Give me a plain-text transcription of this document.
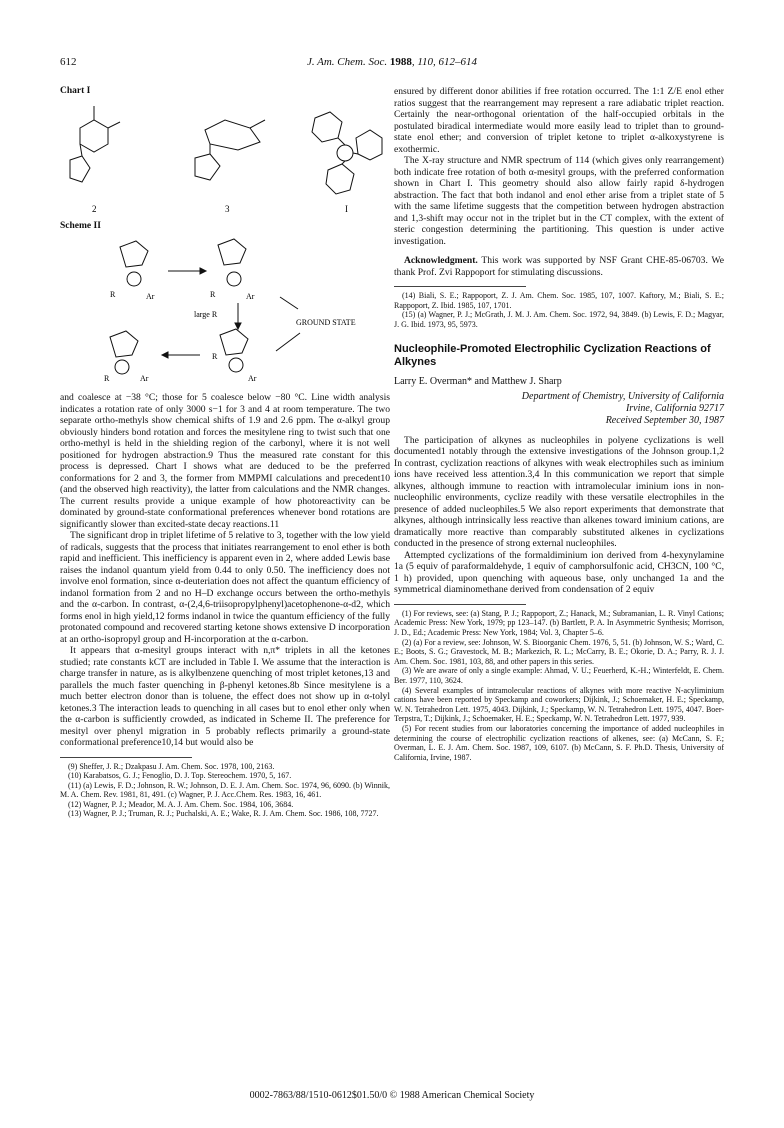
612	J. Am. Chem. Soc. 1988, 110, 612–614
Chart I
2	3	I
Scheme II
R	Ar	R	Ar
large R
GROUND STATE
R	Ar
R
Ar

and coalesce at −38 °C; those for 5 coalesce below −80 °C. Line width analysis indicates a rotation rate of only 3000 s−1 for 3 and 4 at room temperature. The two separate ortho-methyls show chemical shifts of 1.9 and 2.6 ppm. The α-alkyl group obviously hinders bond rotation and forces the mesitylene ring to twist such that one ortho-methyl is held in the shielding region of the carbonyl, where it is not well positioned for hydrogen abstraction.9 Thus the measured rate constant for this process is depressed. Chart I shows what are deduced to be the preferred conformations for 2 and 3, the former from MMPMI calculations and precedent10 (and the observed high reactivity), the latter from calculations and the NMR changes. The current results provide a unique example of how photoreactivity can be dominated by ground-state conformational preferences whenever bond rotations are significantly slower than excited-state decay reactions.11

The significant drop in triplet lifetime of 5 relative to 3, together with the low yield of radicals, suggests that the process that initiates rearrangement to enol ether is both rapid and inefficient. This inefficiency is apparent even in 2, where added Lewis base raises the indanol quantum yield from 0.44 to only 0.50. The inefficiency does not involve enol formation, since α-deuteriation does not affect the quantum efficiency of indanol formation from 2 and no H–D exchange occurs between the ortho-methyls and the α-carbon. In contrast, α-(2,4,6-triisopropylphenyl)acetophenone-α-d2, which forms enol in high yield,12 forms indanol in twice the quantum efficiency of the fully protonated compound and recovered starting ketone shows extensive D incorporation at an ortho-isopropyl group and H-incorporation at the α-carbon.

It appears that α-mesityl groups interact with n,π* triplets in all the ketones studied; rate constants kCT are included in Table I. We assume that the interaction is charge transfer in nature, as is alkylbenzene quenching of most triplet ketones,13 and parallels the much faster quenching in β-phenyl ketones.8b Since mesitylene is a much better electron donor than is toluene, the effect does not show up in α-tolyl ketones.3 The interaction leads to quenching in all cases but to enol ether only when the α-carbon is sufficiently crowded, as indicated in Scheme II. The preference for mesityl over phenyl migration in 5 probably reflects primarily a ground-state conformational preference10,14 but would also be

(9) Sheffer, J. R.; Dzakpasu J. Am. Chem. Soc. 1978, 100, 2163.

(10) Karabatsos, G. J.; Fenoglio, D. J. Top. Stereochem. 1970, 5, 167.

(11) (a) Lewis, F. D.; Johnson, R. W.; Johnson, D. E. J. Am. Chem. Soc. 1974, 96, 6090. (b) Winnik, M. A. Chem. Rev. 1981, 81, 491. (c) Wagner, P. J. Acc.Chem. Res. 1983, 16, 461.

(12) Wagner, P. J.; Meador, M. A. J. Am. Chem. Soc. 1984, 106, 3684.

(13) Wagner, P. J.; Truman, R. J.; Puchalski, A. E.; Wake, R. J. Am. Chem. Soc. 1986, 108, 7727.

ensured by different donor abilities if free rotation occurred. The 1:1 Z/E enol ether ratios suggest that the rearrangement may represent a rare adiabatic triplet reaction. Certainly the near-orthogonal orientation of the half-occupied orbitals in the postulated biradical intermediate would more easily lead to triplet than to ground-state enol ether; and conversion of triplet ketone to triplet α-alkoxystyrene is exothermic.

The X-ray structure and NMR spectrum of 114 (which gives only rearrangement) both indicate free rotation of both α-mesityl groups, with the preferred conformation shown in Chart I. This geometry should also allow fairly rapid δ-hydrogen abstraction. The fact that both indanol and enol ether arise from a triplet state of 5 with the same lifetime suggests that the competition between hydrogen abstraction and 1,3-shift may occur not in the triplet but in the CT complex, with the extent of steric congestion determining the partitioning. This question is under active investigation.

Acknowledgment. This work was supported by NSF Grant CHE-85-06703. We thank Prof. Zvi Rappoport for stimulating discussions.

(14) Biali, S. E.; Rappoport, Z. J. Am. Chem. Soc. 1985, 107, 1007. Kaftory, M.; Biali, S. E.; Rappoport, Z. Ibid. 1985, 107, 1701.

(15) (a) Wagner, P. J.; McGrath, J. M. J. Am. Chem. Soc. 1972, 94, 3849. (b) Lewis, F. D.; Magyar, J. G. Ibid. 1973, 95, 5973.

Nucleophile-Promoted Electrophilic Cyclization Reactions of Alkynes
Larry E. Overman* and Matthew J. Sharp
Department of Chemistry, University of California
Irvine, California 92717
Received September 30, 1987

The participation of alkynes as nucleophiles in polyene cyclizations is well documented1 notably through the extensive investigations of the Johnson group.1,2 In contrast, cyclization reactions of alkynes with weak electrophiles such as iminium ions have received less attention.3,4 In this communication we report that simple alkynes, although immune to reaction with intramolecular iminium ions in non-nucleophilic environments, cyclize readily with these versatile electrophiles in the presence of added nucleophiles.5 We also report experiments that demonstrate that alkynes, although intrinsically less reactive than alkenes toward iminium cations, are dramatically more reactive than comparably substituted alkenes in cyclizations conducted in the presence of strong external nucleophiles.

Attempted cyclizations of the formaldiminium ion derived from 4-hexynylamine 1a (5 equiv of paraformaldehyde, 1 equiv of camphorsulfonic acid, CH3CN, 100 °C, 1 h) provided, upon quenching with aqueous base, only unchanged 1a and the symmetrical diaminomethane derived from condensation of 2 equiv

(1) For reviews, see: (a) Stang, P. J.; Rappoport, Z.; Hanack, M.; Subramanian, L. R. Vinyl Cations; Academic Press: New York, 1979; pp 123–147. (b) Bartlett, P. A. In Asymmetric Synthesis; Morrison, J. D., Ed.; Academic Press: New York, 1984; Vol. 3, Chapter 5–6.

(2) (a) For a review, see: Johnson, W. S. Bioorganic Chem. 1976, 5, 51. (b) Johnson, W. S.; Ward, C. E.; Boots, S. G.; Gravestock, M. B.; Markezich, R. L.; McCarry, B. E.; Okorie, D. A.; Parry, R. J. J. Am. Chem. Soc. 1981, 103, 88, and other papers in this series.

(3) We are aware of only a single example: Ahmad, V. U.; Feuerherd, K.-H.; Winterfeldt, E. Chem. Ber. 1977, 110, 3624.

(4) Several examples of intramolecular reactions of alkynes with more reactive N-acyliminium cations have been reported by Speckamp and coworkers; Dijkink, J.; Schoemaker, H. E.; Speckamp, W. N. Tetrahedron Lett. 1975, 4043. Dijkink, J.; Speckamp, W. N. Tetrahedron Lett. 1975, 4047. Boer-Terpstra, T.; Dijkink, J.; Schoemaker, H. E.; Speckamp, W. N. Tetrahedron Lett. 1977, 939.

(5) For recent studies from our laboratories concerning the importance of added nucleophiles in determining the course of electrophilic cyclization reactions of alkenes, see: (a) McCann, S. F.; Overman, L. E. J. Am. Chem. Soc. 1987, 109, 6107. (b) McCann, S. F. Ph.D. Thesis, University of California, Irvine, 1987.

0002-7863/88/1510-0612$01.50/0 © 1988 American Chemical Society
